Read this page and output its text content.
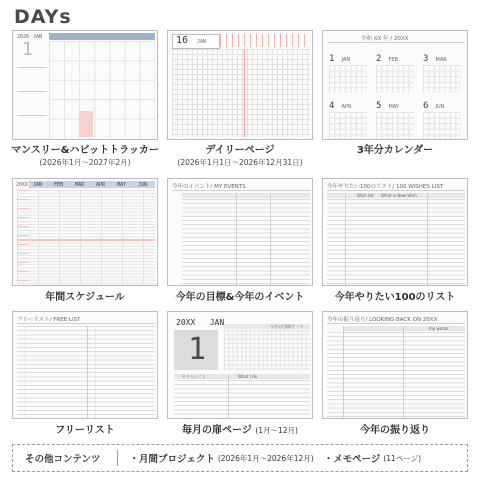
DAYs
2026 JAN
1
マンスリー&ハビットトラッカー
(2026年1月〜2027年2月)
16 JAN
デイリーページ
(2026年1月1日〜2026年12月31日)
令和 XX 年 / 20XX
1 JAN	2 FEB	3 MAR
4 APR	5 MAY	6 JUN
3年分カレンダー
20XX JAN FEB MAR APR MAY JUN
年間スケジュール
今年のイベント/ MY EVENTS
今年の目標&今年のイベント
今年やりたい100のリスト/ 100 WISHES LIST
Wish list What is New Wish
今年やりたい100のリスト
フリーリスト/ FREE LIST
フリーリスト
20XX   JAN
1
今月の目標/テーマ
やりたいこと	What I do
毎月の扉ページ (1月〜12月)
今年の振り返り/ LOOKING BACK ON 20XX
my words
今年の振り返り
その他コンテンツ	・月間プロジェクト (2026年1月〜2026年12月) ・メモページ (11ページ)
